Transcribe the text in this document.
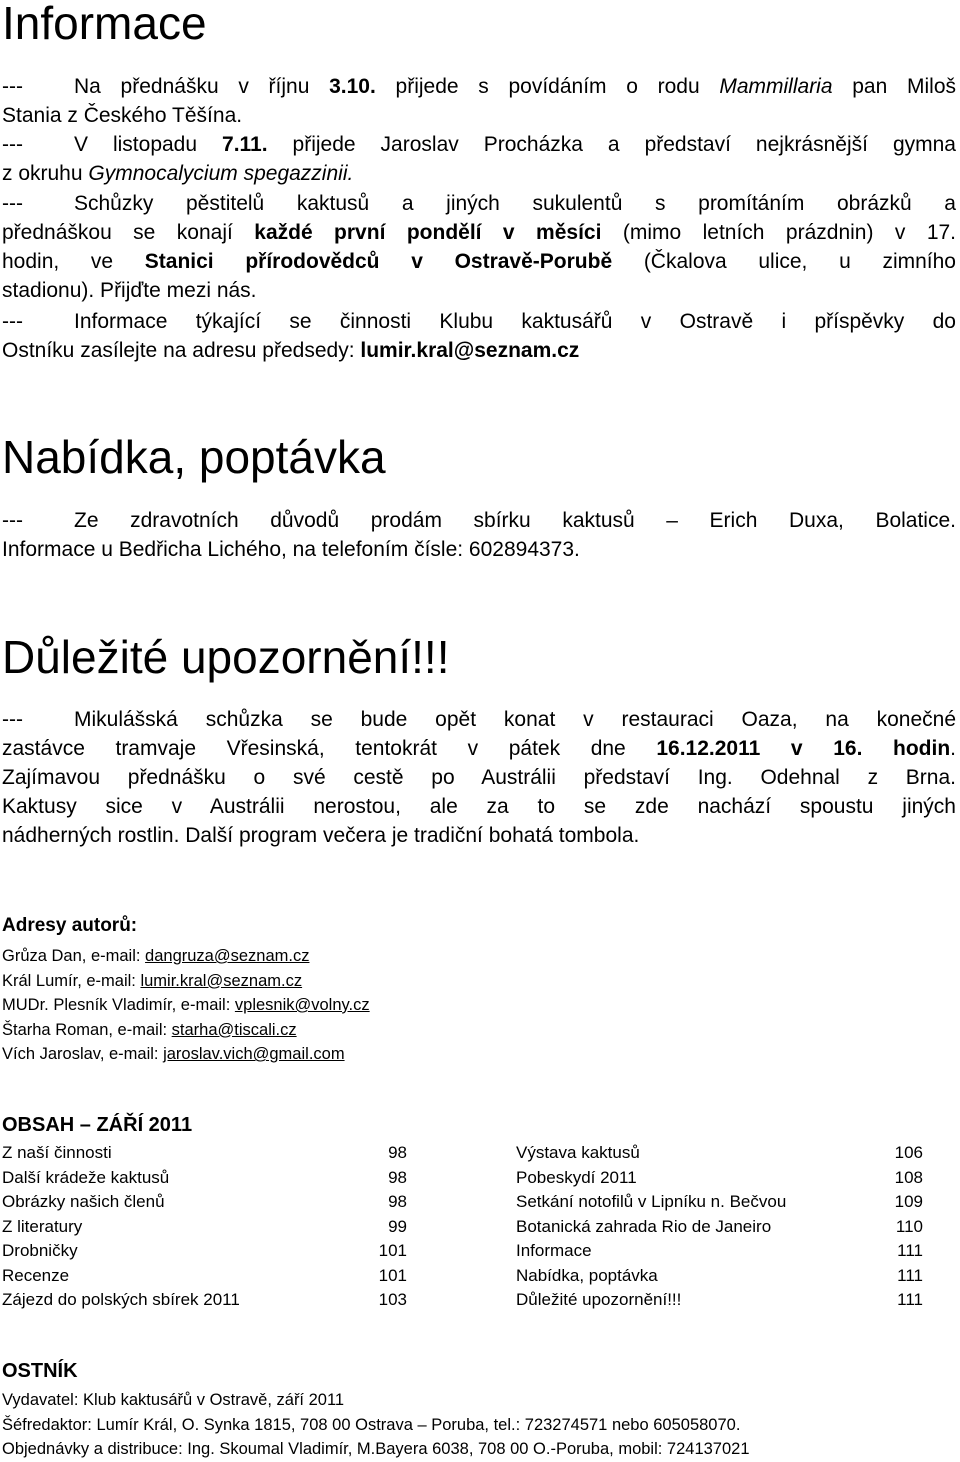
Informace
--- Na přednášku v říjnu 3.10. přijede s povídáním o rodu Mammillaria pan Miloš
Stania z Českého Těšína.
--- V listopadu 7.11. přijede Jaroslav Procházka a představí nejkrásnější gymna
z okruhu Gymnocalycium spegazzinii.
--- Schůzky pěstitelů kaktusů a jiných sukulentů s promítáním obrázků a
přednáškou se konají každé první pondělí v měsíci (mimo letních prázdnin) v 17.
hodin, ve Stanici přírodovědců v Ostravě-Porubě (Čkalova ulice, u zimního
stadionu). Přijďte mezi nás.
--- Informace týkající se činnosti Klubu kaktusářů v Ostravě i příspěvky do
Ostníku zasílejte na adresu předsedy: lumir.kral@seznam.cz
Nabídka, poptávka
--- Ze zdravotních důvodů prodám sbírku kaktusů – Erich Duxa, Bolatice.
Informace u Bedřicha Lichého, na telefoním čísle: 602894373.
Důležité upozornění!!!
--- Mikulášská schůzka se bude opět konat v restauraci Oaza, na konečné
zastávce tramvaje Vřesinská, tentokrát v pátek dne 16.12.2011 v 16. hodin.
Zajímavou přednášku o své cestě po Austrálii představí Ing. Odehnal z Brna.
Kaktusy sice v Austrálii nerostou, ale za to se zde nachází spoustu jiných
nádherných rostlin. Další program večera je tradiční bohatá tombola.
Adresy autorů:
Grůza Dan, e-mail: dangruza@seznam.cz
Král Lumír, e-mail: lumir.kral@seznam.cz
MUDr. Plesník Vladimír, e-mail: vplesnik@volny.cz
Štarha Roman, e-mail: starha@tiscali.cz
Vích Jaroslav, e-mail: jaroslav.vich@gmail.com
OBSAH – ZÁŘÍ 2011
Z naší činnosti	98
Další krádeže kaktusů	98
Obrázky našich členů	98
Z literatury	99
Drobničky	101
Recenze	101
Zájezd do polských sbírek 2011	103
Výstava kaktusů	106
Pobeskydí 2011	108
Setkání notofilů v Lipníku n. Bečvou	109
Botanická zahrada Rio de Janeiro	110
Informace	111
Nabídka, poptávka	111
Důležité upozornění!!!	111
OSTNÍK
Vydavatel: Klub kaktusářů v Ostravě, září 2011
Šéfredaktor: Lumír Král, O. Synka 1815, 708 00 Ostrava – Poruba, tel.: 723274571 nebo 605058070.
Objednávky a distribuce: Ing. Skoumal Vladimír, M.Bayera 6038, 708 00 O.-Poruba, mobil: 724137021
